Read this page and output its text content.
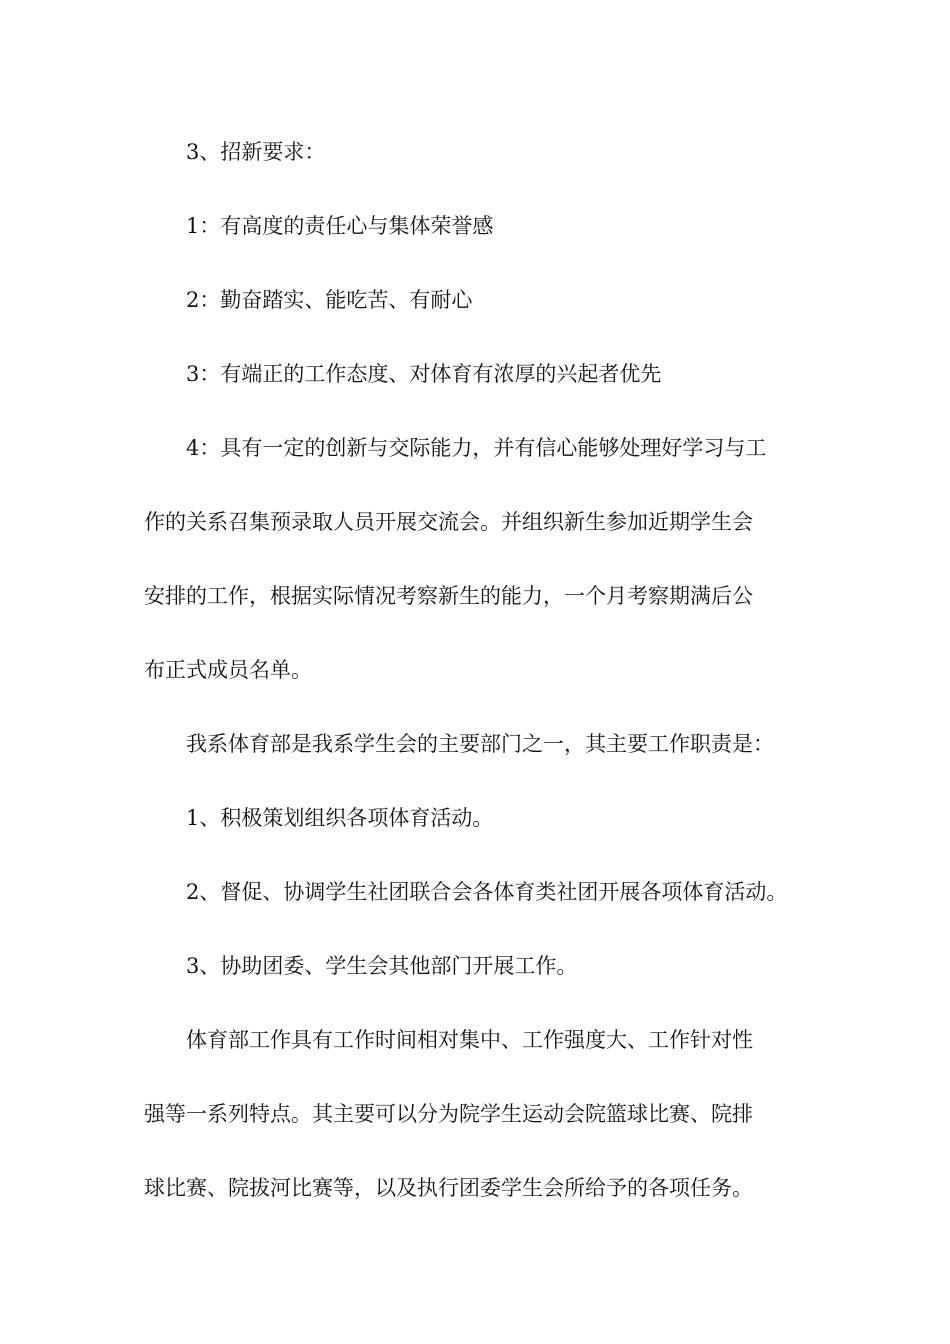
3、招新要求：

1：有高度的责任心与集体荣誉感

2：勤奋踏实、能吃苦、有耐心

3：有端正的工作态度、对体育有浓厚的兴起者优先

4：具有一定的创新与交际能力，并有信心能够处理好学习与工

作的关系召集预录取人员开展交流会。并组织新生参加近期学生会

安排的工作，根据实际情况考察新生的能力，一个月考察期满后公

布正式成员名单。

我系体育部是我系学生会的主要部门之一，其主要工作职责是：

1、积极策划组织各项体育活动。

2、督促、协调学生社团联合会各体育类社团开展各项体育活动。

3、协助团委、学生会其他部门开展工作。

体育部工作具有工作时间相对集中、工作强度大、工作针对性

强等一系列特点。其主要可以分为院学生运动会院篮球比赛、院排

球比赛、院拔河比赛等，以及执行团委学生会所给予的各项任务。
